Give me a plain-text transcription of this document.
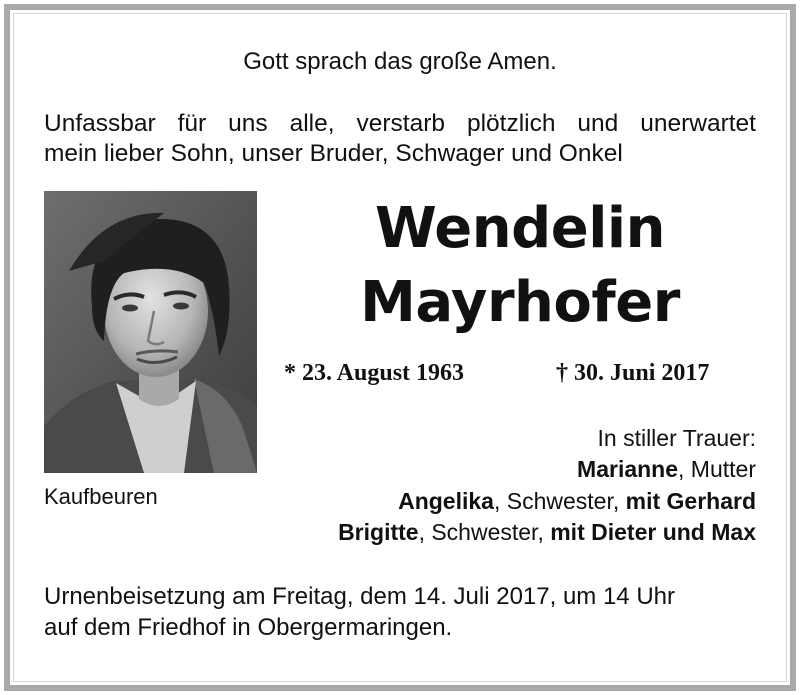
Gott sprach das große Amen.
Unfassbar für uns alle, verstarb plötzlich und unerwartet
mein lieber Sohn, unser Bruder, Schwager und Onkel
Kaufbeuren
Wendelin
Mayrhofer
* 23. August 1963	† 30. Juni 2017
In stiller Trauer:
Marianne, Mutter
Angelika, Schwester, mit Gerhard
Brigitte, Schwester, mit Dieter und Max
Urnenbeisetzung am Freitag, dem 14. Juli 2017, um 14 Uhr
auf dem Friedhof in Obergermaringen.
